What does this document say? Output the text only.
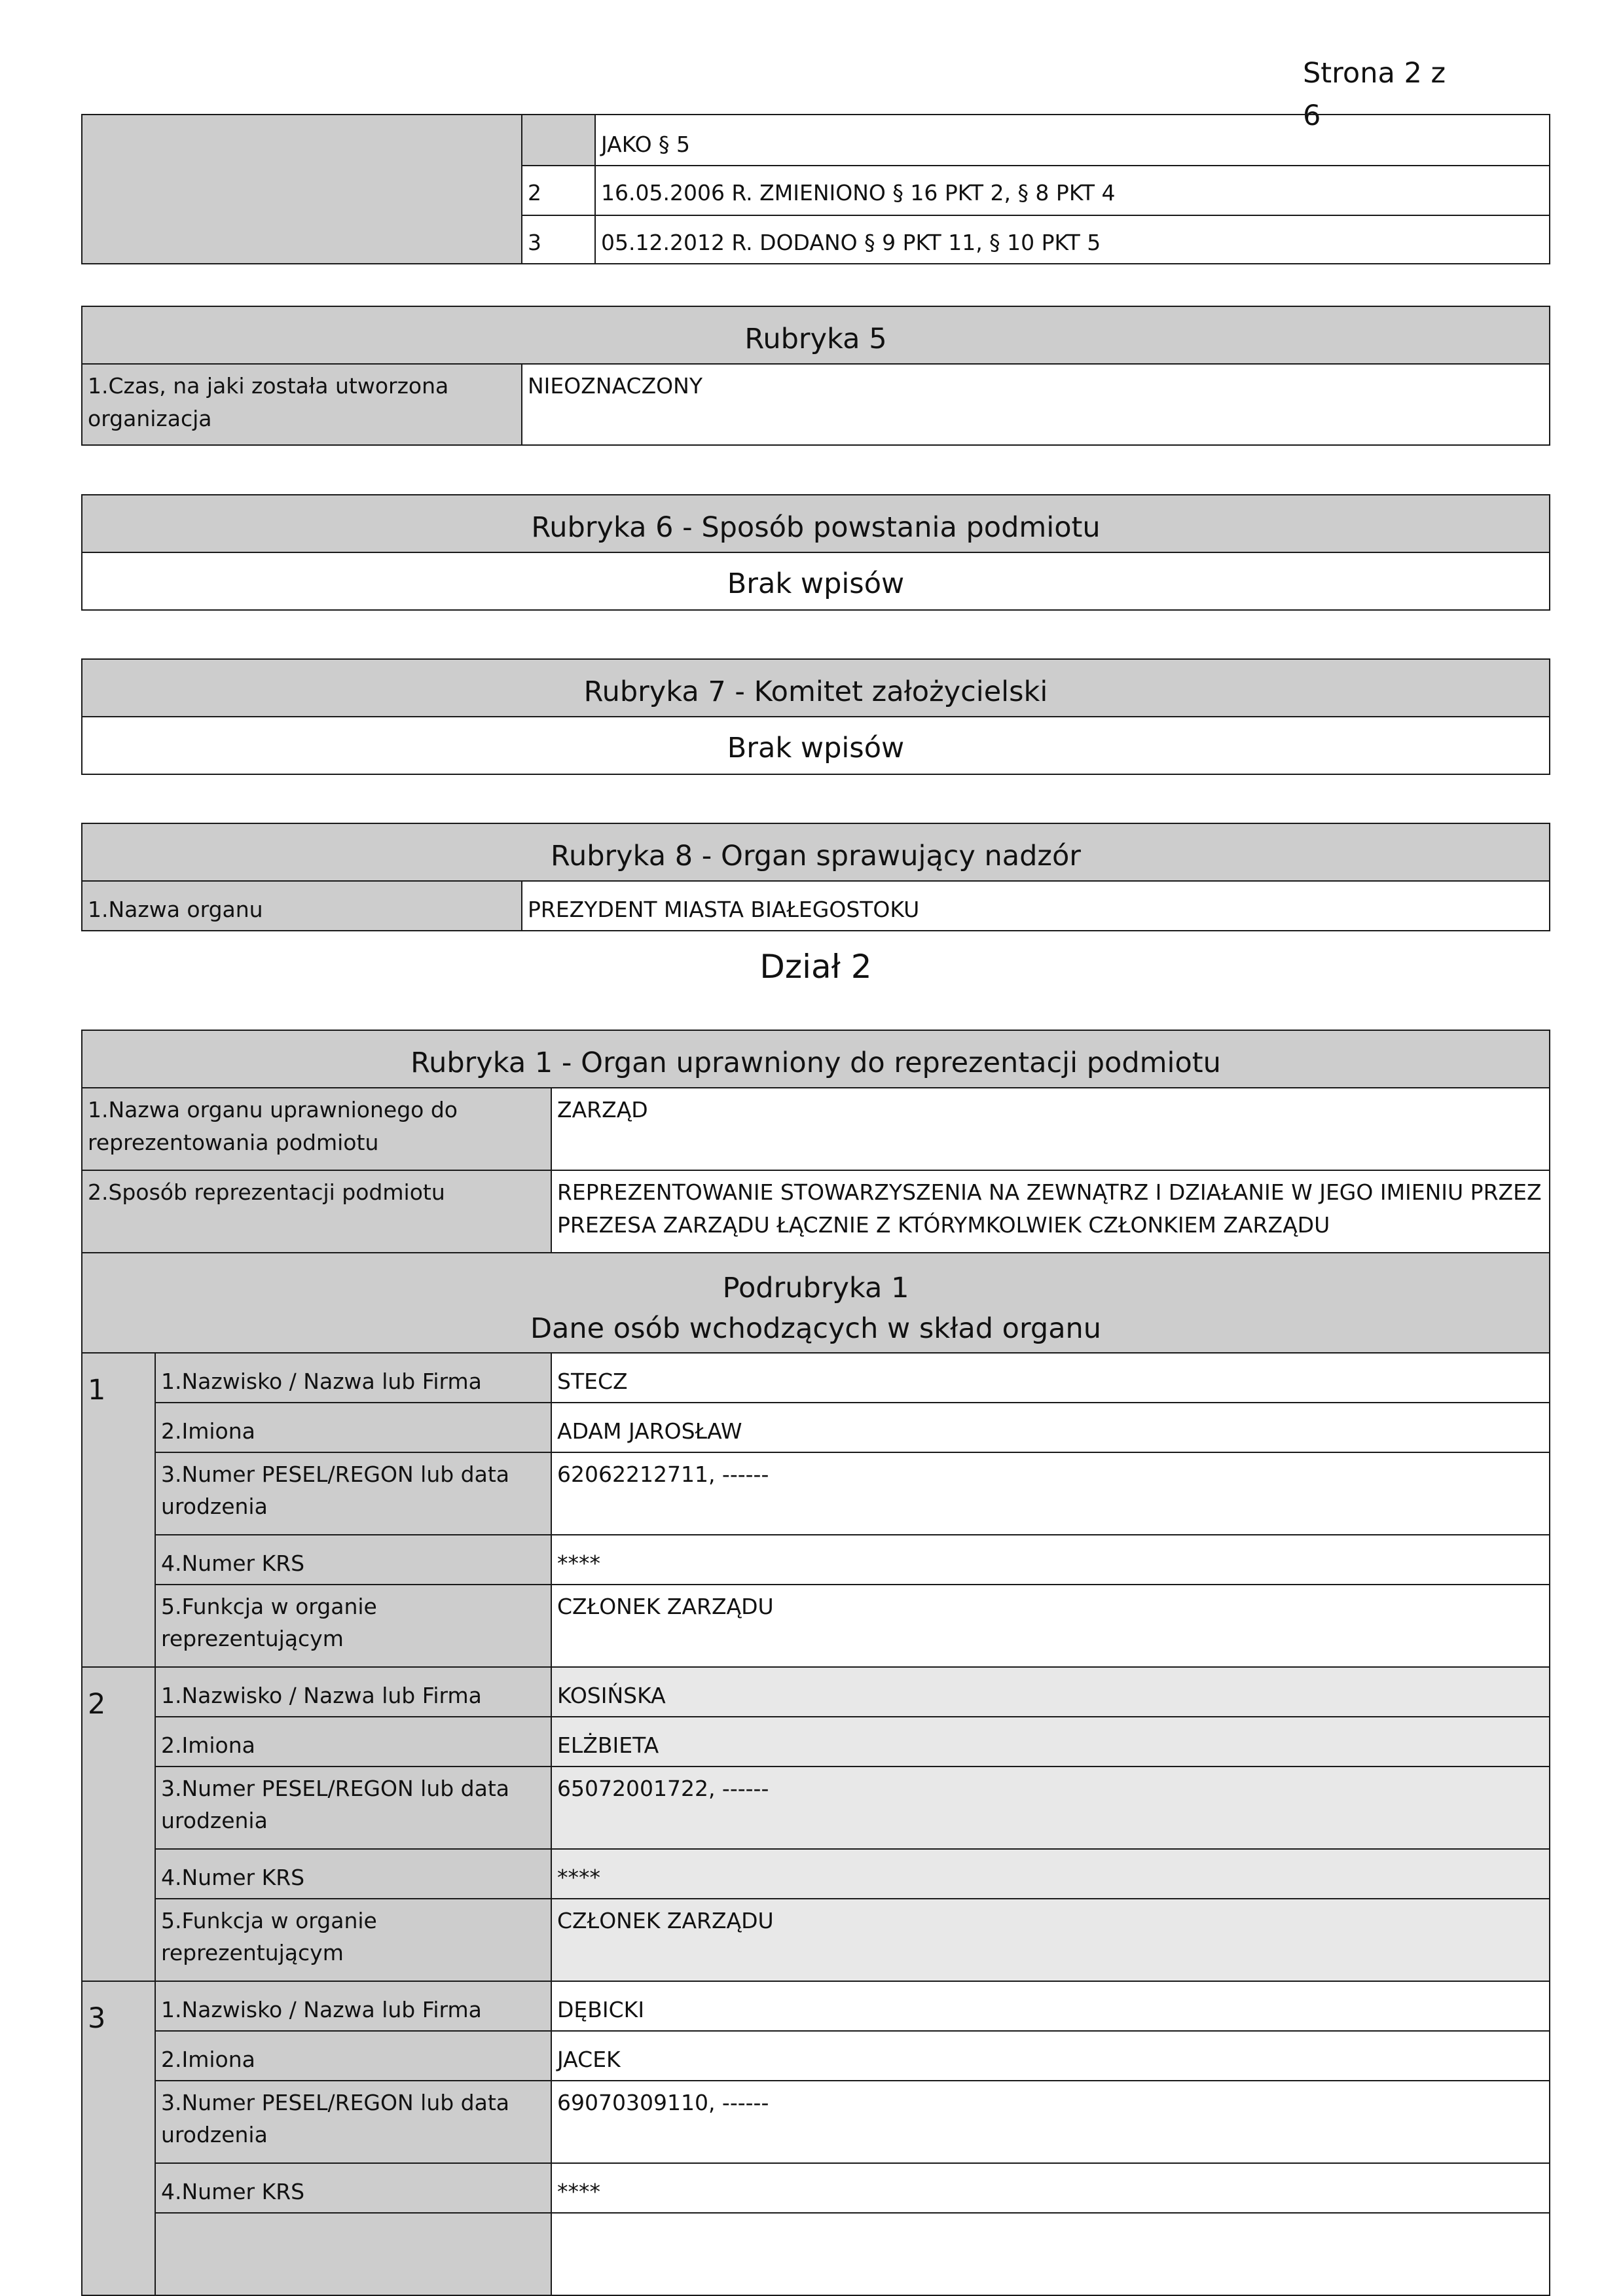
Strona 2 z 6
		JAKO § 5
	2	16.05.2006 R. ZMIENIONO § 16 PKT 2, § 8 PKT 4
	3	05.12.2012 R. DODANO § 9 PKT 11, § 10 PKT 5
Rubryka 5
1.Czas, na jaki została utworzona organizacja	NIEOZNACZONY
Rubryka 6 - Sposób powstania podmiotu
Brak wpisów
Rubryka 7 - Komitet założycielski
Brak wpisów
Rubryka 8 - Organ sprawujący nadzór
1.Nazwa organu	PREZYDENT MIASTA BIAŁEGOSTOKU
Dział 2
Rubryka 1 - Organ uprawniony do reprezentacji podmiotu		
1.Nazwa organu uprawnionego do reprezentowania podmiotu		ZARZĄD
2.Sposób reprezentacji podmiotu		REPREZENTOWANIE STOWARZYSZENIA NA ZEWNĄTRZ I DZIAŁANIE W JEGO IMIENIU PRZEZ PREZESA ZARZĄDU ŁĄCZNIE Z KTÓRYMKOLWIEK CZŁONKIEM ZARZĄDU

Podrubryka 1
Dane osób wchodzących w skład organu		

1	1.Nazwisko / Nazwa lub Firma	STECZ
	2.Imiona	ADAM JAROSŁAW
	3.Numer PESEL/REGON lub data urodzenia	62062212711, ------
	4.Numer KRS	****
	5.Funkcja w organie reprezentującym	CZŁONEK ZARZĄDU
2	1.Nazwisko / Nazwa lub Firma	KOSIŃSKA
	2.Imiona	ELŻBIETA
	3.Numer PESEL/REGON lub data urodzenia	65072001722, ------
	4.Numer KRS	****
	5.Funkcja w organie reprezentującym	CZŁONEK ZARZĄDU
3	1.Nazwisko / Nazwa lub Firma	DĘBICKI
	2.Imiona	JACEK
	3.Numer PESEL/REGON lub data urodzenia	69070309110, ------
	4.Numer KRS	****
